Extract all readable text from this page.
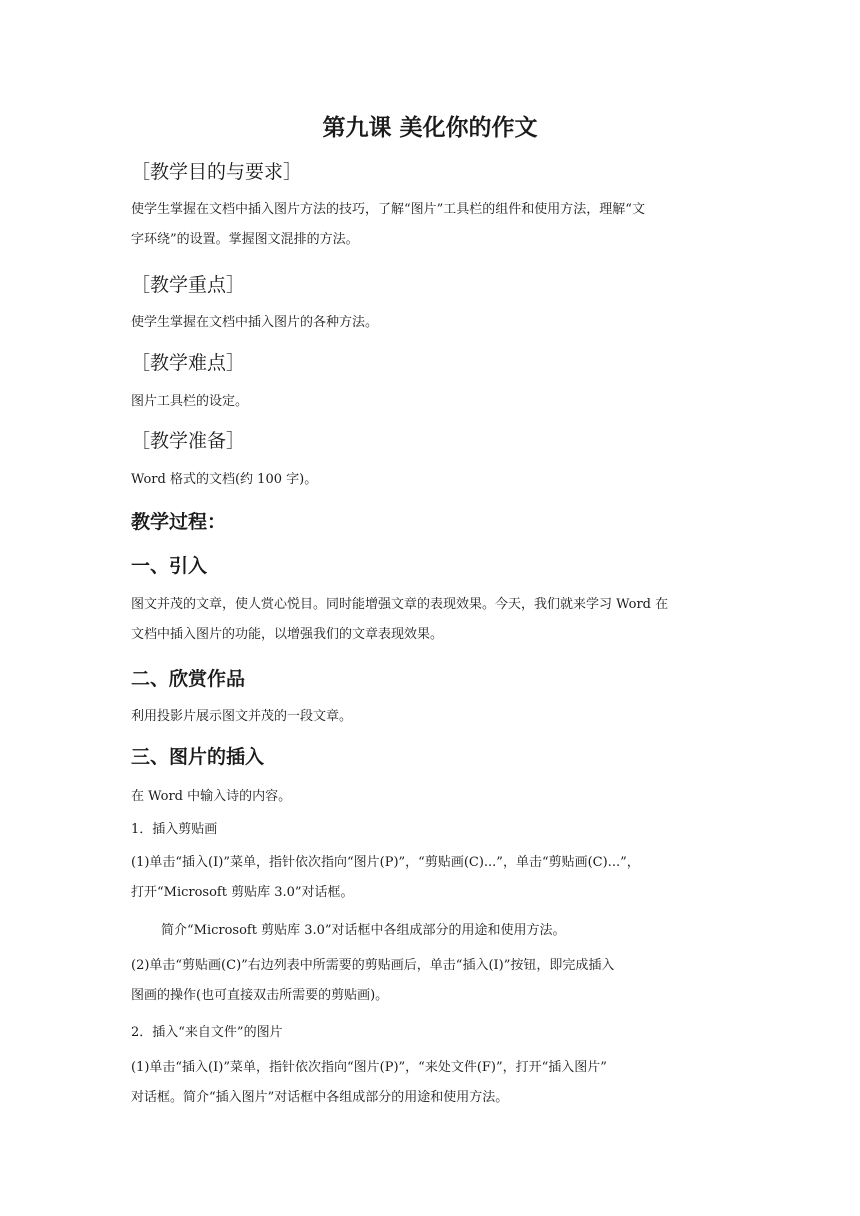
第九课 美化你的作文
［教学目的与要求］
使学生掌握在文档中插入图片方法的技巧，了解“图片”工具栏的组件和使用方法，理解“文
字环绕”的设置。掌握图文混排的方法。
［教学重点］
使学生掌握在文档中插入图片的各种方法。
［教学难点］
图片工具栏的设定。
［教学准备］
Word 格式的文档(约 100 字)。
教学过程：
一、引入
图文并茂的文章，使人赏心悦目。同时能增强文章的表现效果。今天，我们就来学习 Word 在
文档中插入图片的功能，以增强我们的文章表现效果。
二、欣赏作品
利用投影片展示图文并茂的一段文章。
三、图片的插入
在 Word 中输入诗的内容。
1．插入剪贴画
(1)单击“插入(I)”菜单，指针依次指向“图片(P)”，“剪贴画(C)...”，单击“剪贴画(C)...”，
打开“Microsoft 剪贴库 3.0”对话框。
简介“Microsoft 剪贴库 3.0”对话框中各组成部分的用途和使用方法。
(2)单击“剪贴画(C)”右边列表中所需要的剪贴画后，单击“插入(I)”按钮，即完成插入
图画的操作(也可直接双击所需要的剪贴画)。
2．插入“来自文件”的图片
(1)单击“插入(I)”菜单，指针依次指向“图片(P)”，“来处文件(F)”，打开“插入图片”
对话框。简介“插入图片”对话框中各组成部分的用途和使用方法。
